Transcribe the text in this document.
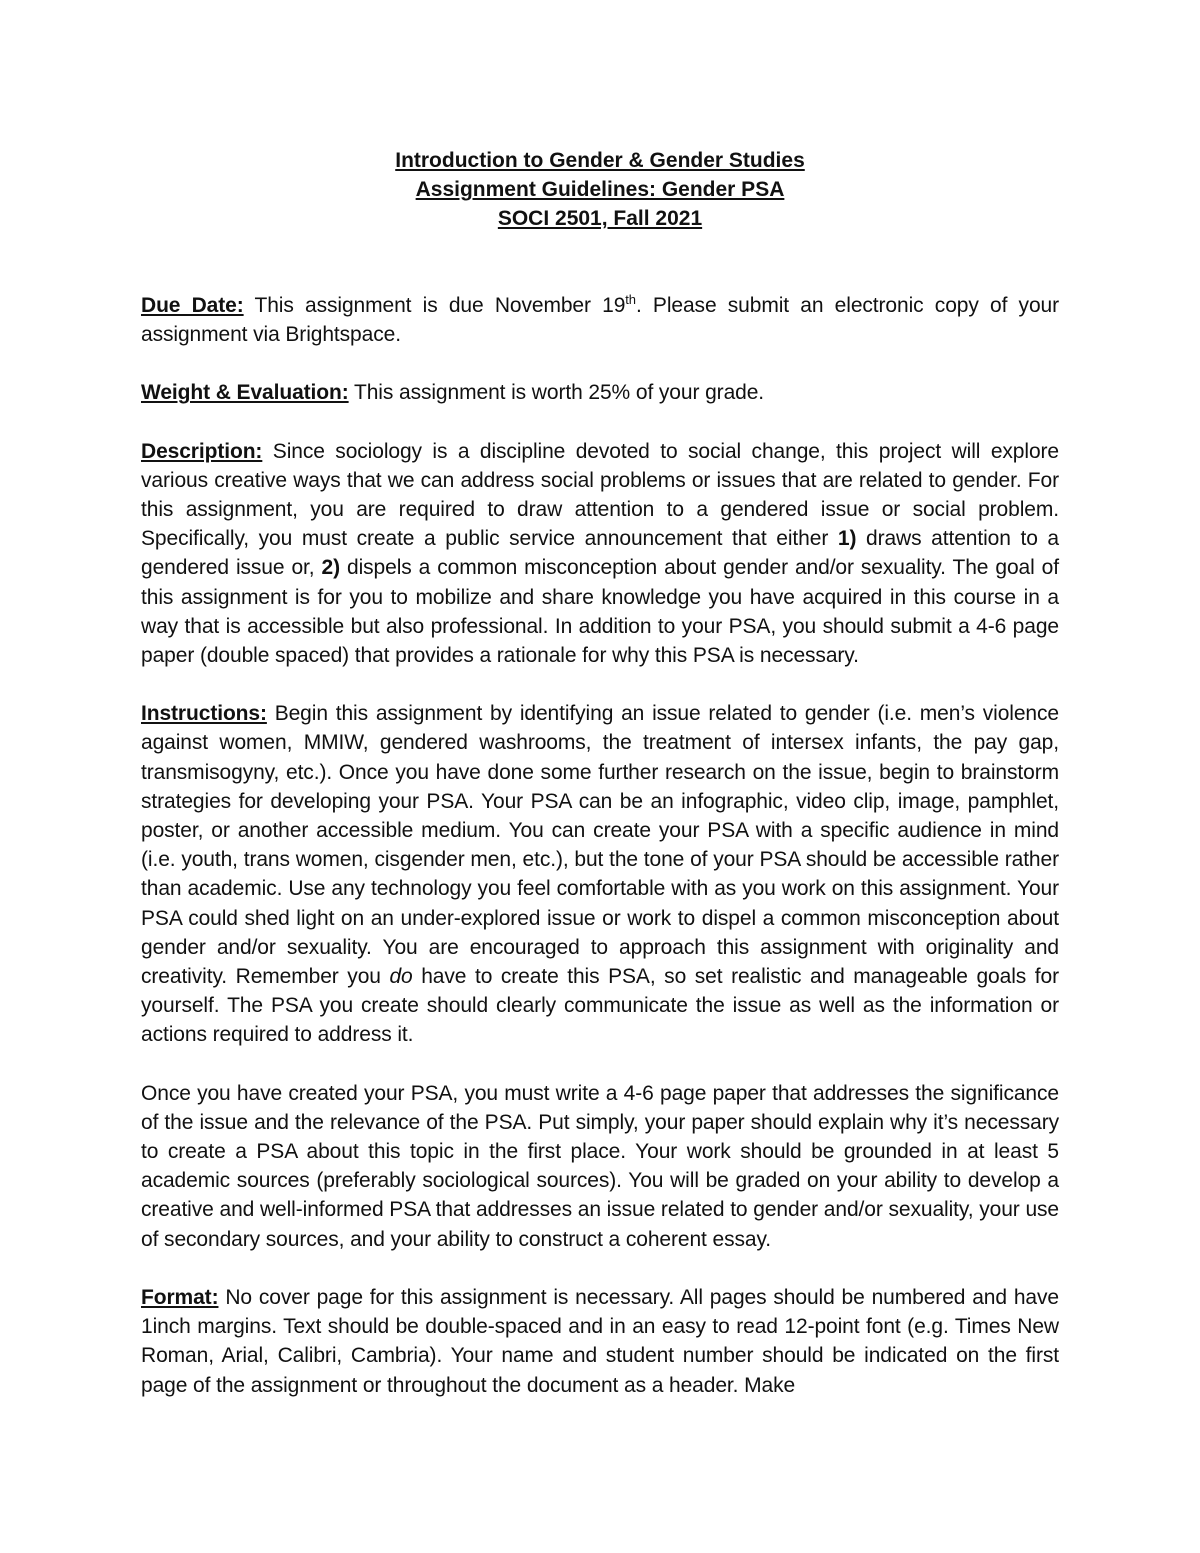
Introduction to Gender & Gender Studies
Assignment Guidelines: Gender PSA
SOCI 2501, Fall 2021

Due Date: This assignment is due November 19th. Please submit an electronic copy of your assignment via Brightspace.

Weight & Evaluation: This assignment is worth 25% of your grade.

Description: Since sociology is a discipline devoted to social change, this project will explore various creative ways that we can address social problems or issues that are related to gender. For this assignment, you are required to draw attention to a gendered issue or social problem. Specifically, you must create a public service announcement that either 1) draws attention to a gendered issue or, 2) dispels a common misconception about gender and/or sexuality. The goal of this assignment is for you to mobilize and share knowledge you have acquired in this course in a way that is accessible but also professional. In addition to your PSA, you should submit a 4-6 page paper (double spaced) that provides a rationale for why this PSA is necessary.

Instructions: Begin this assignment by identifying an issue related to gender (i.e. men’s violence against women, MMIW, gendered washrooms, the treatment of intersex infants, the pay gap, transmisogyny, etc.). Once you have done some further research on the issue, begin to brainstorm strategies for developing your PSA. Your PSA can be an infographic, video clip, image, pamphlet, poster, or another accessible medium. You can create your PSA with a specific audience in mind (i.e. youth, trans women, cisgender men, etc.), but the tone of your PSA should be accessible rather than academic. Use any technology you feel comfortable with as you work on this assignment. Your PSA could shed light on an under-explored issue or work to dispel a common misconception about gender and/or sexuality. You are encouraged to approach this assignment with originality and creativity. Remember you do have to create this PSA, so set realistic and manageable goals for yourself. The PSA you create should clearly communicate the issue as well as the information or actions required to address it.

Once you have created your PSA, you must write a 4-6 page paper that addresses the significance of the issue and the relevance of the PSA. Put simply, your paper should explain why it’s necessary to create a PSA about this topic in the first place. Your work should be grounded in at least 5 academic sources (preferably sociological sources). You will be graded on your ability to develop a creative and well-informed PSA that addresses an issue related to gender and/or sexuality, your use of secondary sources, and your ability to construct a coherent essay.

Format: No cover page for this assignment is necessary. All pages should be numbered and have 1inch margins. Text should be double-spaced and in an easy to read 12-point font (e.g. Times New Roman, Arial, Calibri, Cambria). Your name and student number should be indicated on the first page of the assignment or throughout the document as a header. Make
